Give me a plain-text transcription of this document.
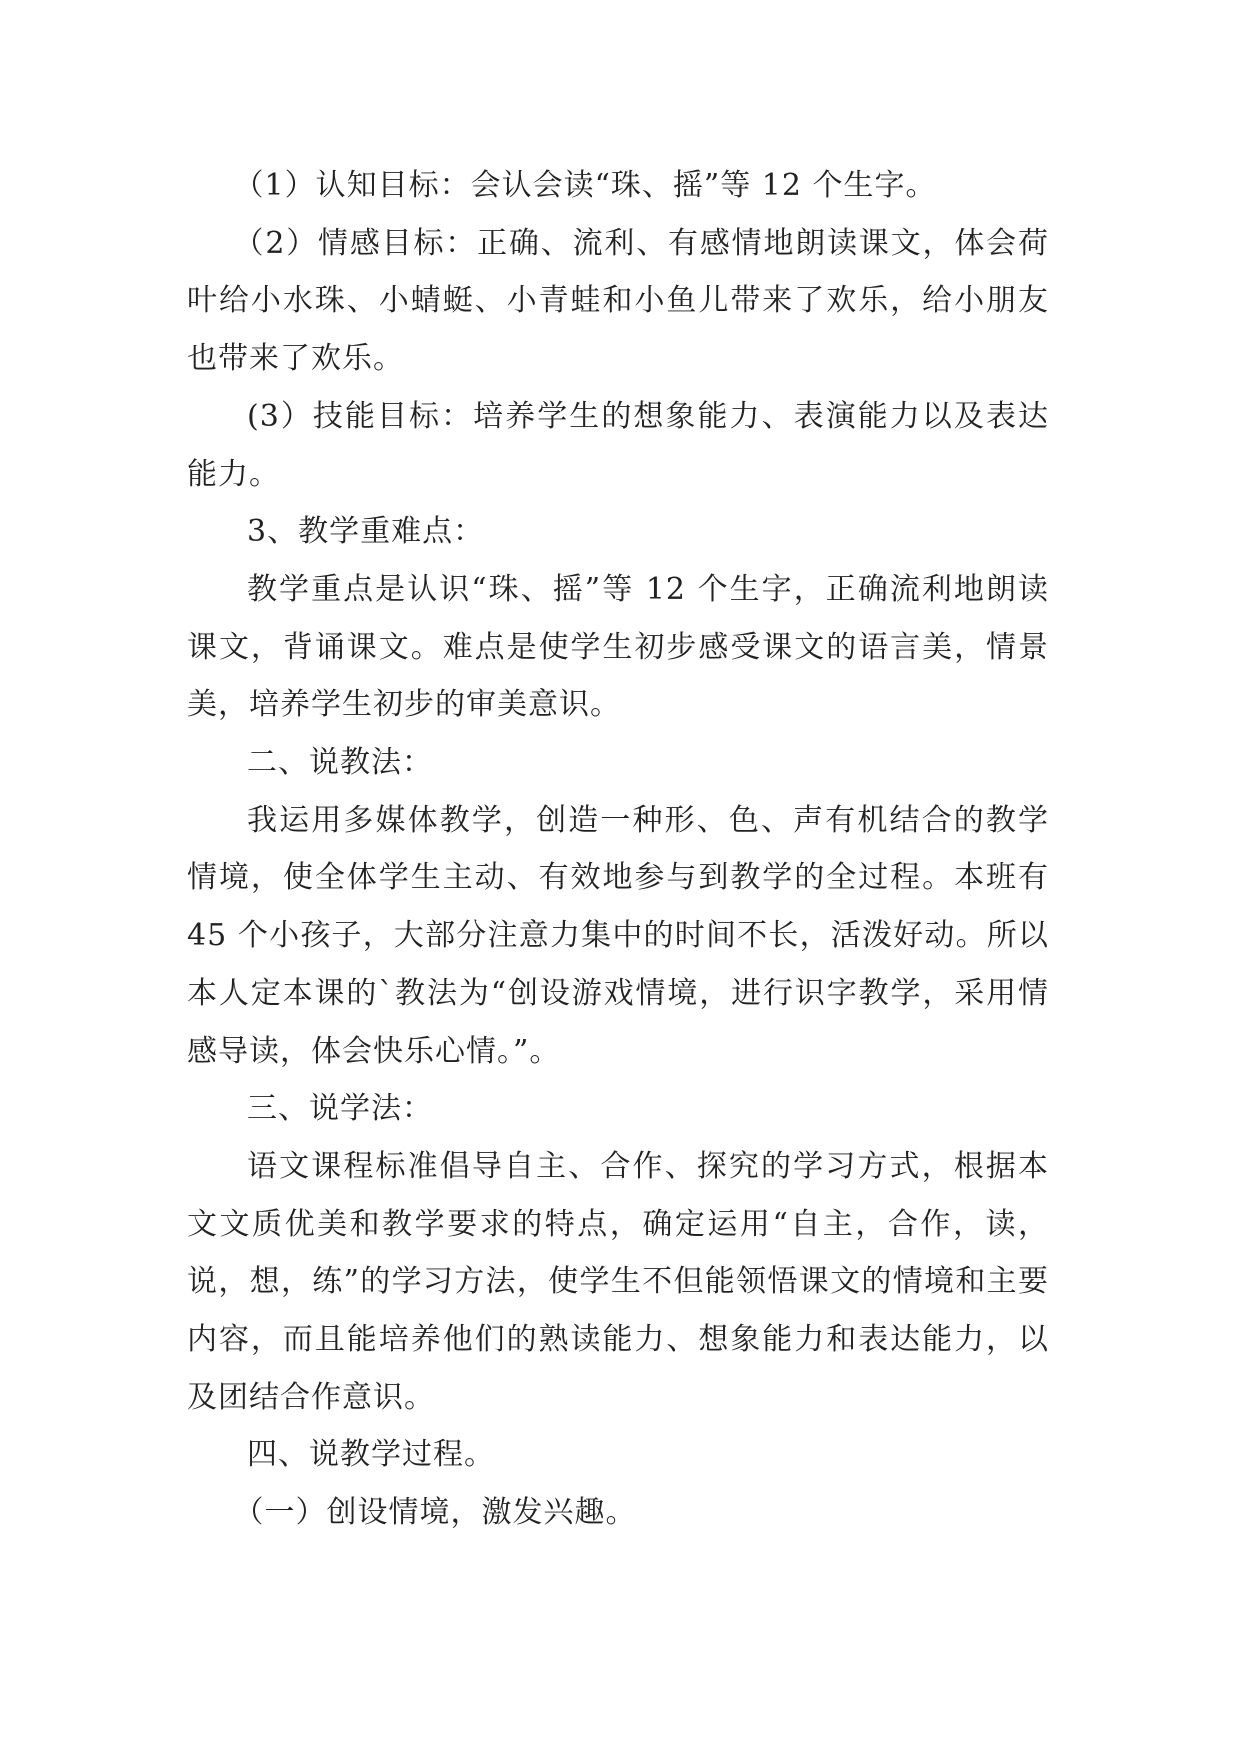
（1）认知目标：会认会读“珠、摇”等 12 个生字。

（2）情感目标：正确、流利、有感情地朗读课文，体会荷叶给小水珠、小蜻蜓、小青蛙和小鱼儿带来了欢乐，给小朋友也带来了欢乐。

(3）技能目标：培养学生的想象能力、表演能力以及表达能力。

3、教学重难点：

教学重点是认识“珠、摇”等 12 个生字，正确流利地朗读课文，背诵课文。难点是使学生初步感受课文的语言美，情景美，培养学生初步的审美意识。

二、说教法：

我运用多媒体教学，创造一种形、色、声有机结合的教学情境，使全体学生主动、有效地参与到教学的全过程。本班有 45 个小孩子，大部分注意力集中的时间不长，活泼好动。所以本人定本课的`教法为“创设游戏情境，进行识字教学，采用情感导读，体会快乐心情。”。

三、说学法：

语文课程标准倡导自主、合作、探究的学习方式，根据本文文质优美和教学要求的特点，确定运用“自主，合作，读，说，想，练”的学习方法，使学生不但能领悟课文的情境和主要内容，而且能培养他们的熟读能力、想象能力和表达能力，以及团结合作意识。

四、说教学过程。

（一）创设情境，激发兴趣。
